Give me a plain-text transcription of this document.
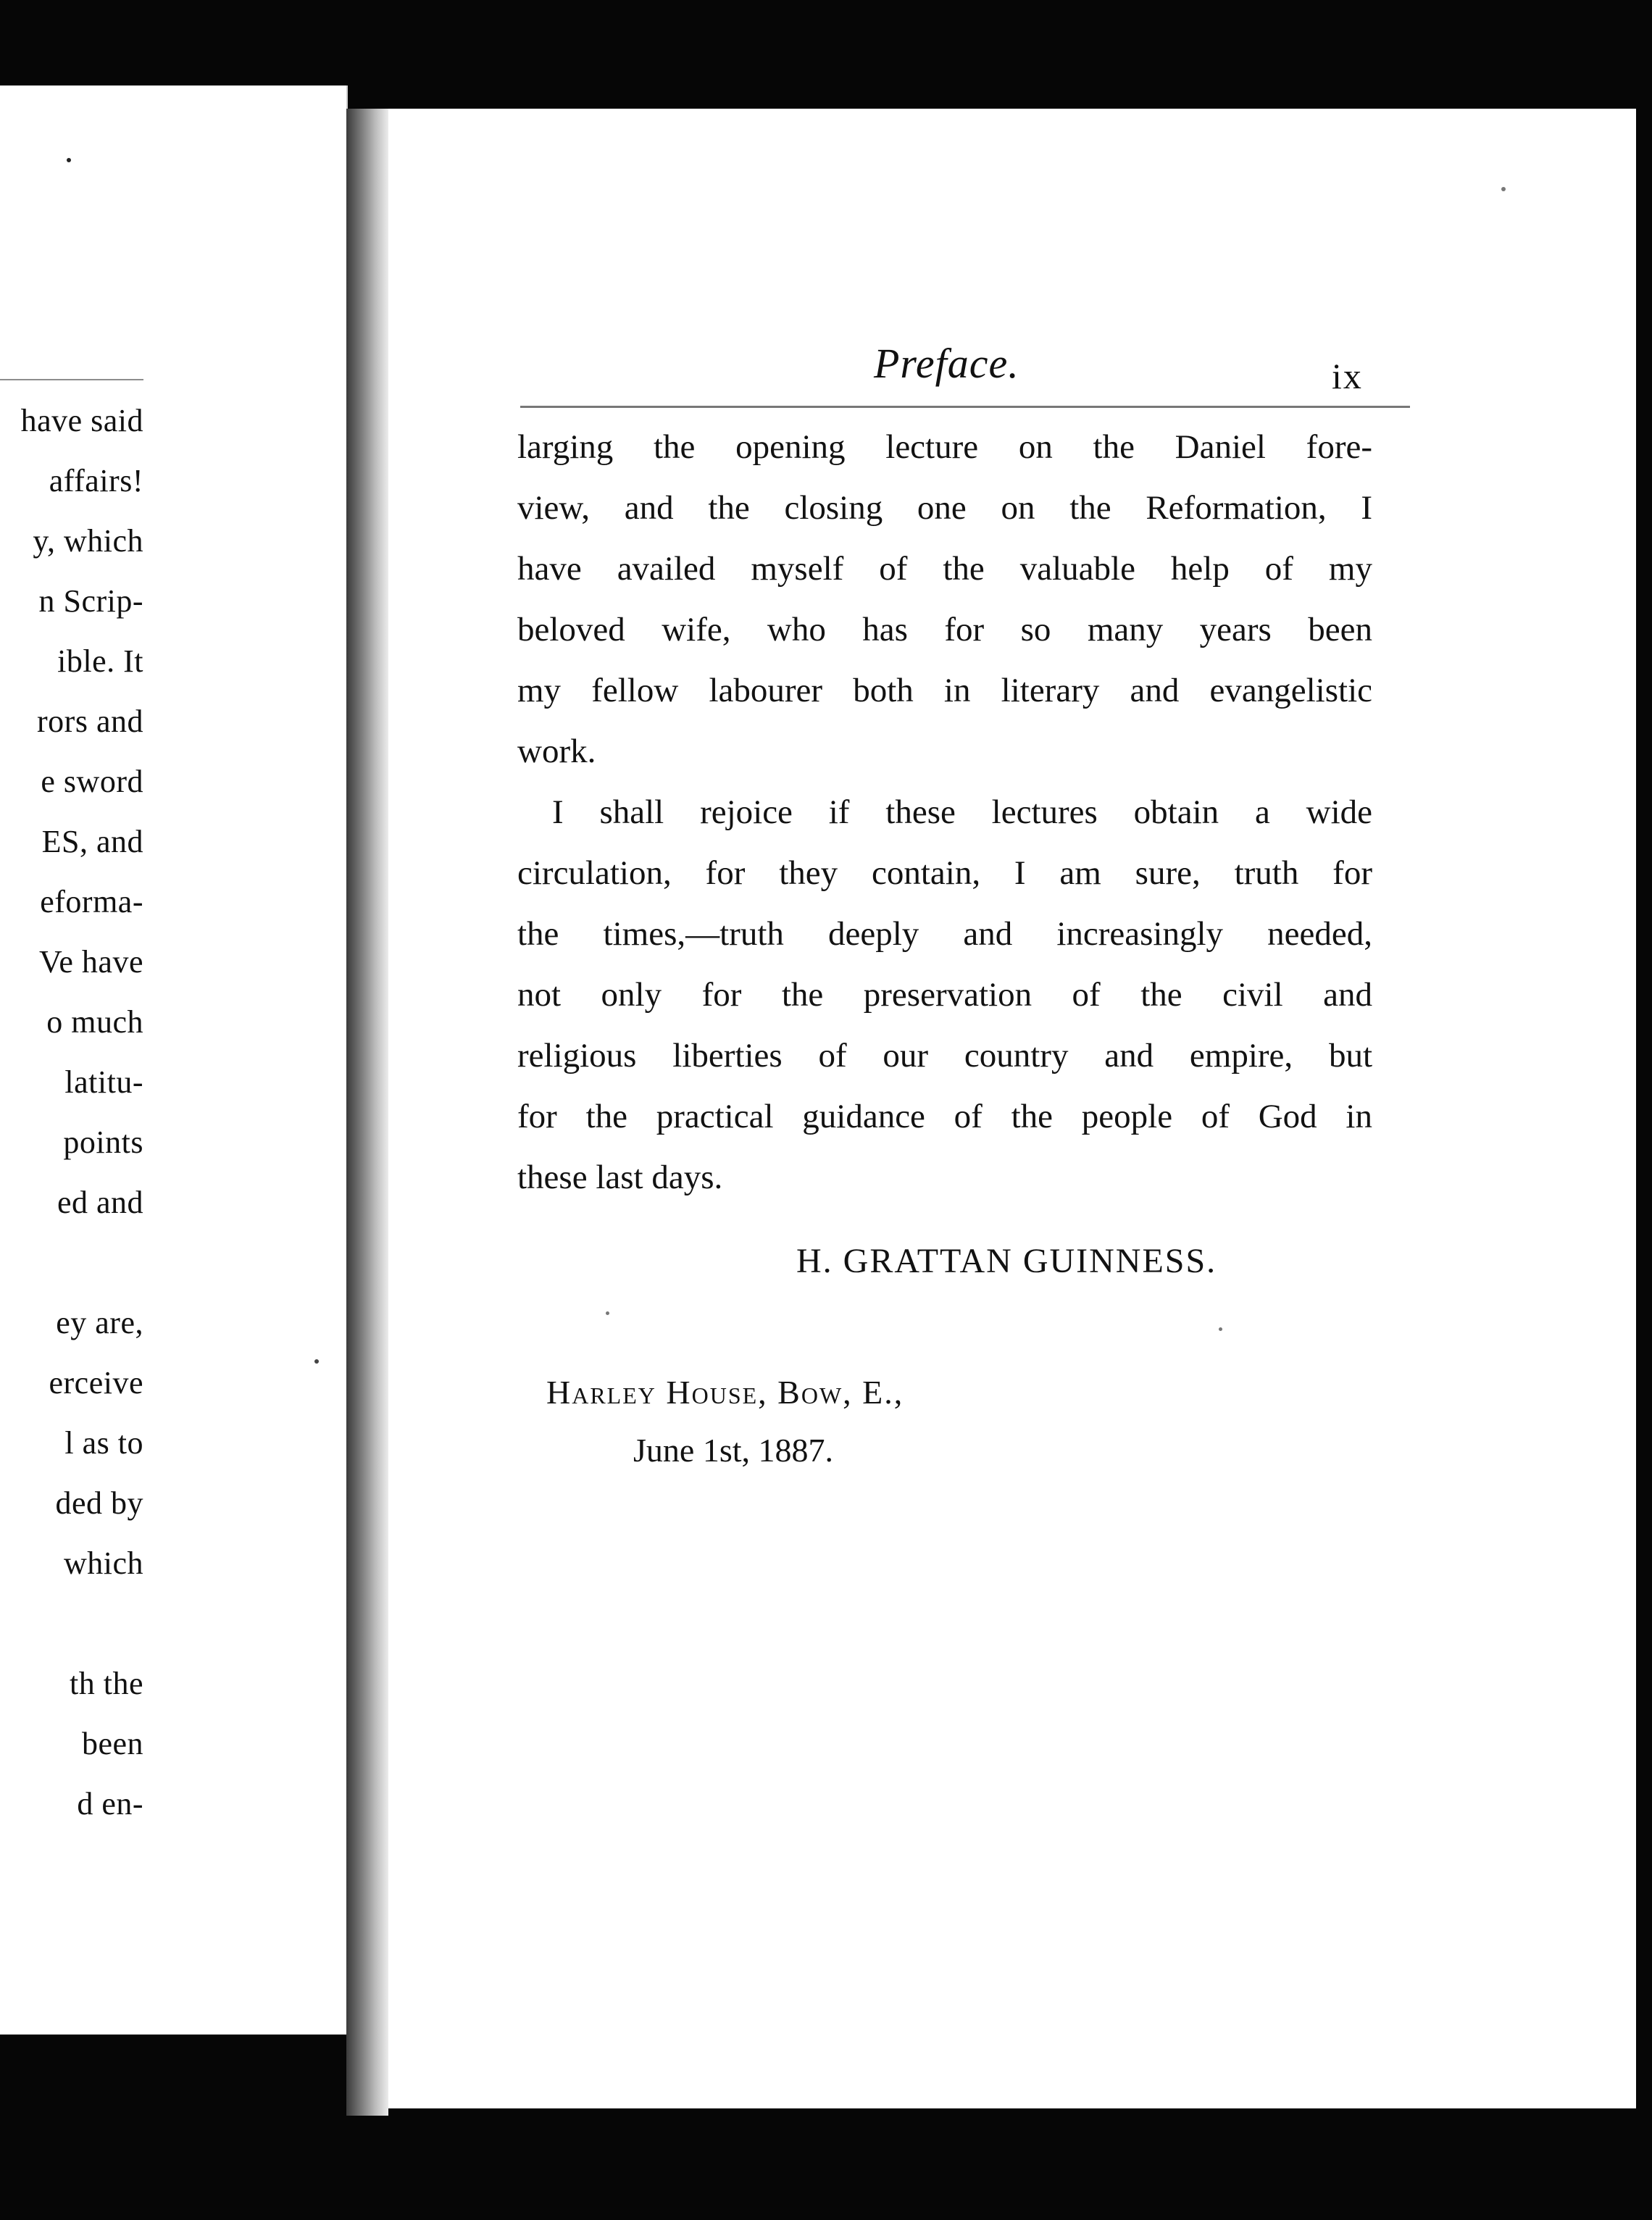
have said
affairs!
y, which
n Scrip-
ible. It
rors and
e sword
ES, and
eforma-
Ve have
o much
latitu-
points
ed and
ey are,
erceive
l as to
ded by
which
th the
been
d en-
Preface.	ix
larging the opening lecture on the Daniel fore-
view, and the closing one on the Reformation, I
have availed myself of the valuable help of my
beloved wife, who has for so many years been
my fellow labourer both in literary and evangelistic
work.
I shall rejoice if these lectures obtain a wide
circulation, for they contain, I am sure, truth for
the times,—truth deeply and increasingly needed,
not only for the preservation of the civil and
religious liberties of our country and empire, but
for the practical guidance of the people of God in
these last days.
H. GRATTAN GUINNESS.
Harley House, Bow, E.,
June 1st, 1887.
